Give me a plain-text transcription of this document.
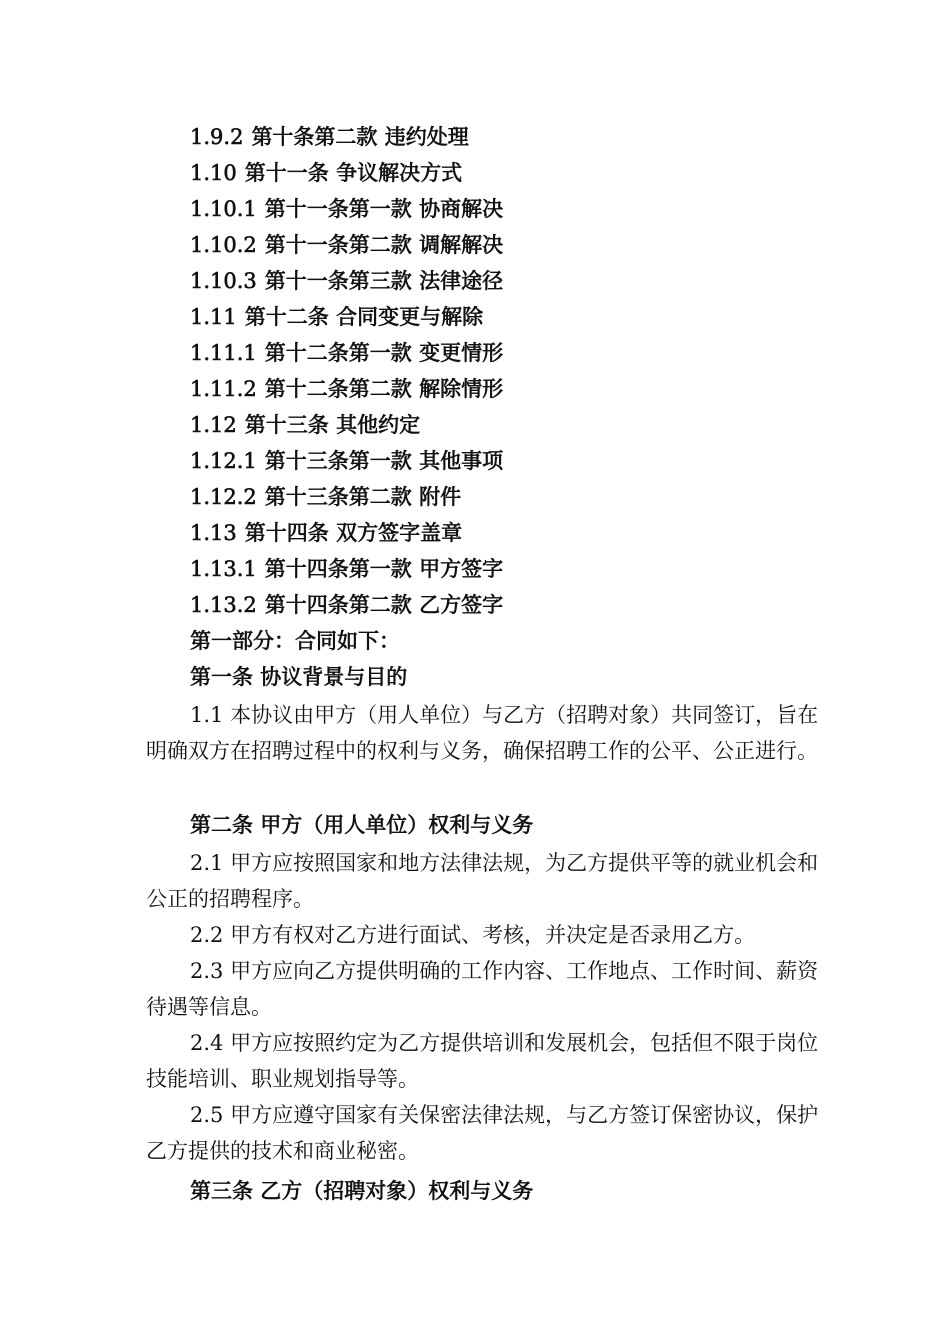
1.9.2 第十条第二款 违约处理
1.10 第十一条 争议解决方式
1.10.1 第十一条第一款 协商解决
1.10.2 第十一条第二款 调解解决
1.10.3 第十一条第三款 法律途径
1.11 第十二条 合同变更与解除
1.11.1 第十二条第一款 变更情形
1.11.2 第十二条第二款 解除情形
1.12 第十三条 其他约定
1.12.1 第十三条第一款 其他事项
1.12.2 第十三条第二款 附件
1.13 第十四条 双方签字盖章
1.13.1 第十四条第一款 甲方签字
1.13.2 第十四条第二款 乙方签字
第一部分：合同如下：
第一条 协议背景与目的
1.1 本协议由甲方（用人单位）与乙方（招聘对象）共同签订，旨在明确双方在招聘过程中的权利与义务，确保招聘工作的公平、公正进行。
第二条 甲方（用人单位）权利与义务
2.1 甲方应按照国家和地方法律法规，为乙方提供平等的就业机会和公正的招聘程序。
2.2 甲方有权对乙方进行面试、考核，并决定是否录用乙方。
2.3 甲方应向乙方提供明确的工作内容、工作地点、工作时间、薪资待遇等信息。
2.4 甲方应按照约定为乙方提供培训和发展机会，包括但不限于岗位技能培训、职业规划指导等。
2.5 甲方应遵守国家有关保密法律法规，与乙方签订保密协议，保护乙方提供的技术和商业秘密。
第三条 乙方（招聘对象）权利与义务
